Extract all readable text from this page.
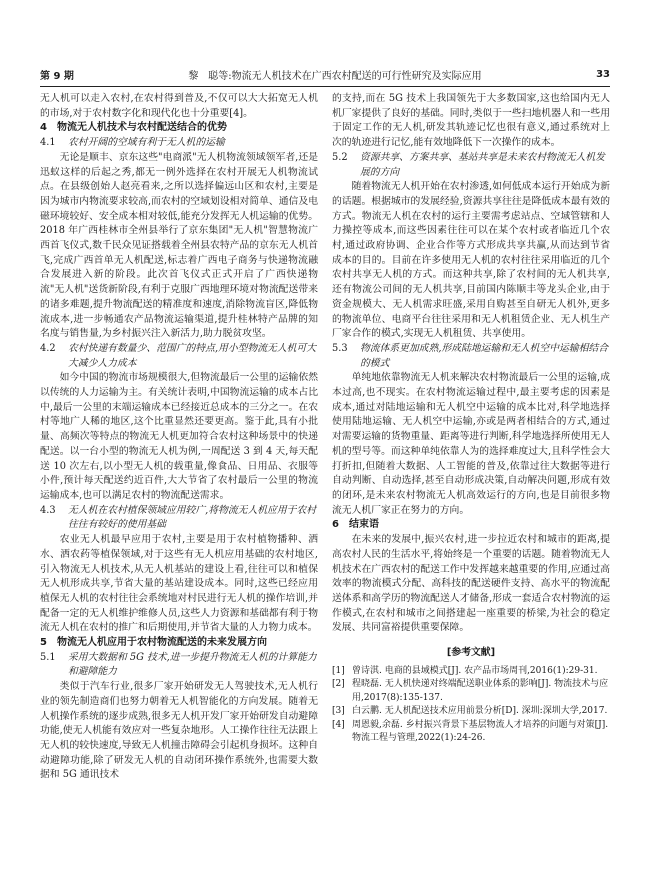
第 9 期	黎　聪等:物流无人机技术在广西农村配送的可行性研究及实际应用	33

无人机可以走入农村,在农村得到普及,不仅可以大大拓宽无人机的市场,对于农村数字化和现代化也十分重要[4]。

4　物流无人机技术与农村配送结合的优势
4.1	农村开阔的空域有利于无人机的运输

无论是顺丰、京东这些"电商派"无人机物流领域领军者,还是迅蚁这样的后起之秀,都无一例外选择在农村开展无人机物流试点。在县级创始人赵亮看来,之所以选择偏远山区和农村,主要是因为城市内物流要求较高,而农村的空域划设相对简单、通信及电磁环境较好、安全成本相对较低,能充分发挥无人机运输的优势。2018 年广西桂林市全州县举行了京东集团"无人机"智慧物流广西首飞仪式,数千民众见证搭载着全州县农特产品的京东无人机首飞,完成广西首单无人机配送,标志着广西电子商务与快递物流融合发展进入新的阶段。此次首飞仪式正式开启了广西快递物流"无人机"送货新阶段,有利于克服广西地理环境对物流配送带来的诸多难题,提升物流配送的精准度和速度,消除物流盲区,降低物流成本,进一步畅通农产品物流运输渠道,提升桂林特产品牌的知名度与销售量,为乡村振兴注入新活力,助力脱贫攻坚。

4.2	农村快递有数量少、范围广的特点,用小型物流无人机可大大减少人力成本

如今中国的物流市场规模很大,但物流最后一公里的运输依然以传统的人力运输为主。有关统计表明,中国物流运输的成本占比中,最后一公里的末端运输成本已经接近总成本的三分之一。在农村等地广人稀的地区,这个比重显然还要更高。鉴于此,具有小批量、高频次等特点的物流无人机更加符合农村这种场景中的快递配送。以一台小型的物流无人机为例,一周配送 3 到 4 天,每天配送 10 次左右,以小型无人机的载重量,像食品、日用品、衣服等小件,预计每天配送约近百件,大大节省了农村最后一公里的物流运输成本,也可以满足农村的物流配送需求。

4.3	无人机在农村植保领域应用较广,将物流无人机应用于农村往往有较好的使用基础

农业无人机最早应用于农村,主要是用于农村植物播种、洒水、洒农药等植保领域,对于这些有无人机应用基础的农村地区,引入物流无人机技术,从无人机基站的建设上看,往往可以和植保无人机形成共享,节省大量的基站建设成本。同时,这些已经应用植保无人机的农村往往会系统地对村民进行无人机的操作培训,并配备一定的无人机维护维修人员,这些人力资源和基础都有利于物流无人机在农村的推广和后期使用,并节省大量的人力物力成本。

5　物流无人机应用于农村物流配送的未来发展方向
5.1	采用大数据和 5G 技术,进一步提升物流无人机的计算能力和避障能力

类似于汽车行业,很多厂家开始研发无人驾驶技术,无人机行业的领先制造商们也努力朝着无人机智能化的方向发展。随着无人机操作系统的逐步成熟,很多无人机开发厂家开始研发自动避障功能,使无人机能有效应对一些复杂地形。人工操作往往无法跟上无人机的较快速度,导致无人机撞击障碍会引起机身损坏。这种自动避障功能,除了研发无人机的自动闭环操作系统外,也需要大数据和 5G 通讯技术

的支持,而在 5G 技术上我国领先于大多数国家,这也给国内无人机厂家提供了良好的基础。同时,类似于一些扫地机器人和一些用于固定工作的无人机,研发其轨迹记忆也很有意义,通过系统对上次的轨迹进行记忆,能有效地降低下一次操作的成本。

5.2	资源共享、方案共享、基站共享是未来农村物流无人机发展的方向

随着物流无人机开始在农村渗透,如何低成本运行开始成为新的话题。根据城市的发展经验,资源共享往往是降低成本最有效的方式。物流无人机在农村的运行主要需考虑站点、空域管辖和人力操控等成本,而这些因素往往可以在某个农村或者临近几个农村,通过政府协调、企业合作等方式形成共享共赢,从而达到节省成本的目的。目前在许多使用无人机的农村往往采用临近的几个农村共享无人机的方式。而这种共享,除了农村间的无人机共享,还有物流公司间的无人机共享,目前国内陈顺丰等龙头企业,由于资金规模大、无人机需求旺盛,采用自购甚至自研无人机外,更多的物流单位、电商平台往往采用和无人机租赁企业、无人机生产厂家合作的模式,实现无人机租赁、共享使用。

5.3	物流体系更加成熟,形成陆地运输和无人机空中运输相结合的模式

单纯地依靠物流无人机来解决农村物流最后一公里的运输,成本过高,也不现实。在农村物流运输过程中,最主要考虑的因素是成本,通过对陆地运输和无人机空中运输的成本比对,科学地选择使用陆地运输、无人机空中运输,亦或是两者相结合的方式,通过对需要运输的货物重量、距离等进行判断,科学地选择所使用无人机的型号等。而这种单纯依靠人为的选择难度过大,且科学性会大打折扣,但随着大数据、人工智能的普及,依靠过往大数据等进行自动判断、自动选择,甚至自动形成决策,自动解决问题,形成有效的闭环,是未来农村物流无人机高效运行的方向,也是目前很多物流无人机厂家正在努力的方向。

6　结束语

在未来的发展中,振兴农村,进一步拉近农村和城市的距离,提高农村人民的生活水平,将始终是一个重要的话题。随着物流无人机技术在广西农村的配送工作中发挥越来越重要的作用,应通过高效率的物流模式分配、高科技的配送硬件支持、高水平的物流配送体系和高学历的物流配送人才储备,形成一套适合农村物流的运作模式,在农村和城市之间搭建起一座重要的桥梁,为社会的稳定发展、共同富裕提供重要保障。

[参考文献]
[1] 曾诗淇. 电商的县域模式[J]. 农产品市场周刊,2016(1):29-31.
[2] 程晓磊. 无人机快递对终端配送职业体系的影响[J]. 物流技术与应用,2017(8):135-137.
[3] 白云鹏. 无人机配送技术应用前景分析[D]. 深圳:深圳大学,2017.
[4] 周恩毅,余磊. 乡村振兴背景下基层物流人才培养的问题与对策[J]. 物流工程与管理,2022(1):24-26.
